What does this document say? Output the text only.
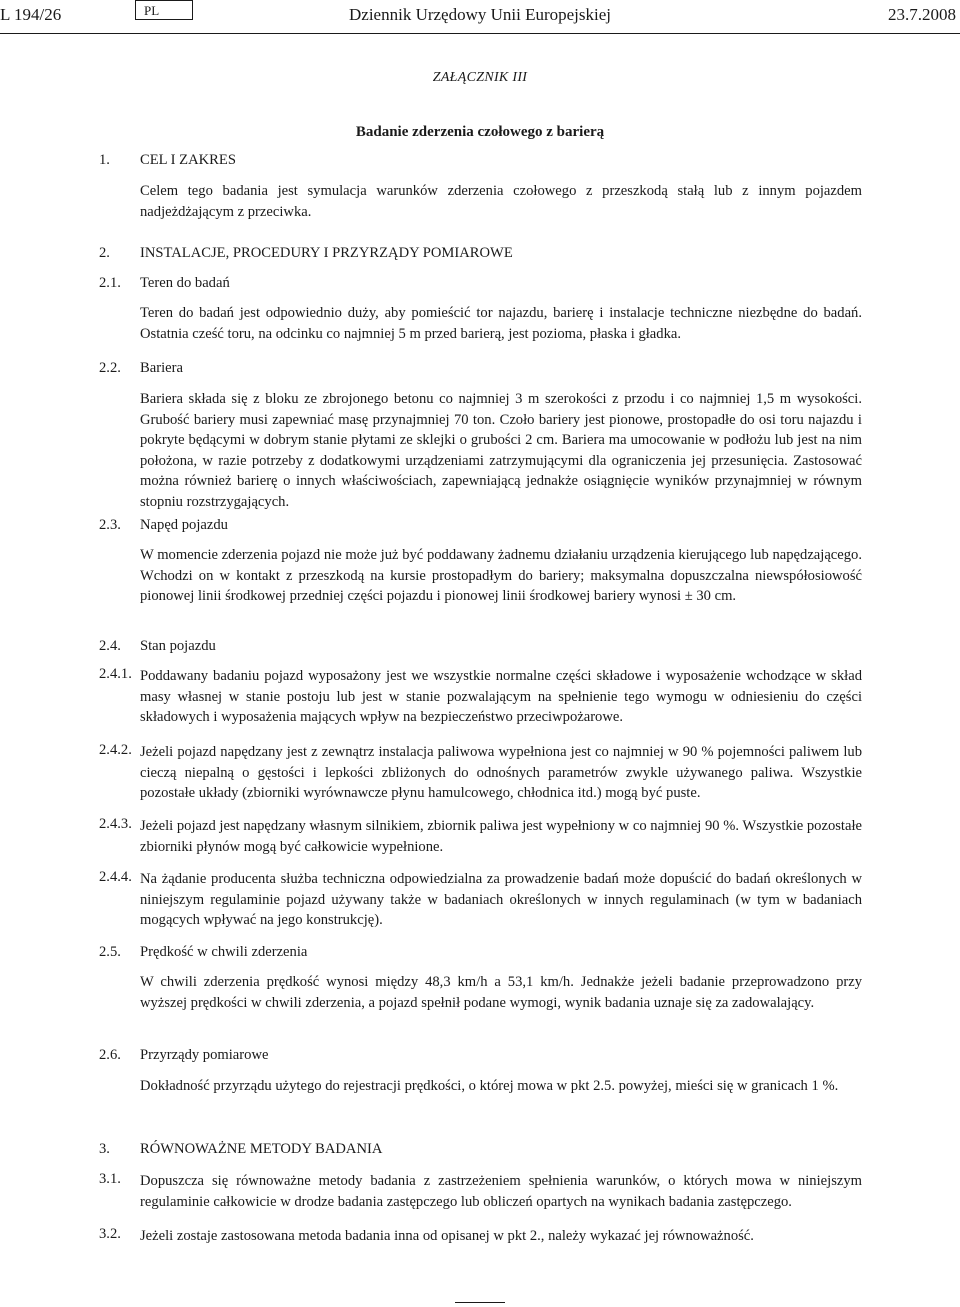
L 194/26	PL	Dziennik Urzędowy Unii Europejskiej	23.7.2008
ZAŁĄCZNIK III
Badanie zderzenia czołowego z barierą
1. CEL I ZAKRES
Celem tego badania jest symulacja warunków zderzenia czołowego z przeszkodą stałą lub z innym pojazdem nadjeżdżającym z przeciwka.
2. INSTALACJE, PROCEDURY I PRZYRZĄDY POMIAROWE
2.1. Teren do badań
Teren do badań jest odpowiednio duży, aby pomieścić tor najazdu, barierę i instalacje techniczne niezbędne do badań. Ostatnia cześć toru, na odcinku co najmniej 5 m przed barierą, jest pozioma, płaska i gładka.
2.2. Bariera
Bariera składa się z bloku ze zbrojonego betonu co najmniej 3 m szerokości z przodu i co najmniej 1,5 m wysokości. Grubość bariery musi zapewniać masę przynajmniej 70 ton. Czoło bariery jest pionowe, prostopadłe do osi toru najazdu i pokryte będącymi w dobrym stanie płytami ze sklejki o grubości 2 cm. Bariera ma umocowanie w podłożu lub jest na nim położona, w razie potrzeby z dodatkowymi urządzeniami zatrzymującymi dla ograniczenia jej przesunięcia. Zastosować można również barierę o innych właściwościach, zapewniającą jednakże osiągnięcie wyników przynajmniej w równym stopniu rozstrzygających.
2.3. Napęd pojazdu
W momencie zderzenia pojazd nie może już być poddawany żadnemu działaniu urządzenia kierującego lub napędzającego. Wchodzi on w kontakt z przeszkodą na kursie prostopadłym do bariery; maksymalna dopuszczalna niewspółosiowość pionowej linii środkowej przedniej części pojazdu i pionowej linii środkowej bariery wynosi ± 30 cm.
2.4. Stan pojazdu
2.4.1. Poddawany badaniu pojazd wyposażony jest we wszystkie normalne części składowe i wyposażenie wchodzące w skład masy własnej w stanie postoju lub jest w stanie pozwalającym na spełnienie tego wymogu w odniesieniu do części składowych i wyposażenia mających wpływ na bezpieczeństwo przeciwpożarowe.
2.4.2. Jeżeli pojazd napędzany jest z zewnątrz instalacja paliwowa wypełniona jest co najmniej w 90 % pojemności paliwem lub cieczą niepalną o gęstości i lepkości zbliżonych do odnośnych parametrów zwykle używanego paliwa. Wszystkie pozostałe układy (zbiorniki wyrównawcze płynu hamulcowego, chłodnica itd.) mogą być puste.
2.4.3. Jeżeli pojazd jest napędzany własnym silnikiem, zbiornik paliwa jest wypełniony w co najmniej 90 %. Wszystkie pozostałe zbiorniki płynów mogą być całkowicie wypełnione.
2.4.4. Na żądanie producenta służba techniczna odpowiedzialna za prowadzenie badań może dopuścić do badań określonych w niniejszym regulaminie pojazd używany także w badaniach określonych w innych regulaminach (w tym w badaniach mogących wpływać na jego konstrukcję).
2.5. Prędkość w chwili zderzenia
W chwili zderzenia prędkość wynosi między 48,3 km/h a 53,1 km/h. Jednakże jeżeli badanie przeprowadzono przy wyższej prędkości w chwili zderzenia, a pojazd spełnił podane wymogi, wynik badania uznaje się za zadowalający.
2.6. Przyrządy pomiarowe
Dokładność przyrządu użytego do rejestracji prędkości, o której mowa w pkt 2.5. powyżej, mieści się w granicach 1 %.
3. RÓWNOWAŻNE METODY BADANIA
3.1. Dopuszcza się równoważne metody badania z zastrzeżeniem spełnienia warunków, o których mowa w niniejszym regulaminie całkowicie w drodze badania zastępczego lub obliczeń opartych na wynikach badania zastępczego.
3.2. Jeżeli zostaje zastosowana metoda badania inna od opisanej w pkt 2., należy wykazać jej równoważność.
